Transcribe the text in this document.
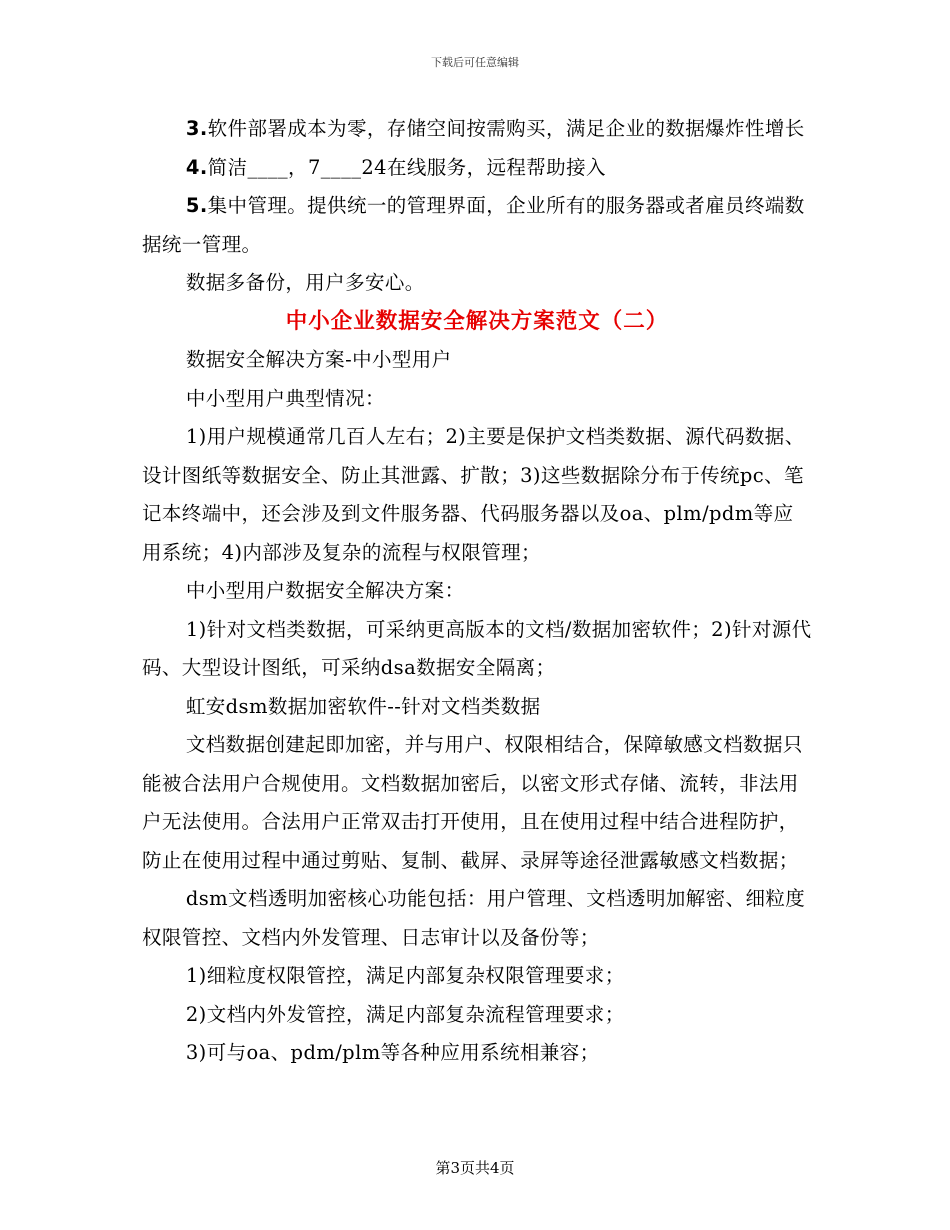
下载后可任意编辑

3.软件部署成本为零，存储空间按需购买，满足企业的数据爆炸性增长

4.简洁____，7____24在线服务，远程帮助接入

5.集中管理。提供统一的管理界面，企业所有的服务器或者雇员终端数据统一管理。

数据多备份，用户多安心。

中小企业数据安全解决方案范文（二）

数据安全解决方案-中小型用户

中小型用户典型情况：

1)用户规模通常几百人左右；2)主要是保护文档类数据、源代码数据、设计图纸等数据安全、防止其泄露、扩散；3)这些数据除分布于传统pc、笔记本终端中，还会涉及到文件服务器、代码服务器以及oa、plm/pdm等应用系统；4)内部涉及复杂的流程与权限管理；

中小型用户数据安全解决方案：

1)针对文档类数据，可采纳更高版本的文档/数据加密软件；2)针对源代码、大型设计图纸，可采纳dsa数据安全隔离；

虹安dsm数据加密软件--针对文档类数据

文档数据创建起即加密，并与用户、权限相结合，保障敏感文档数据只能被合法用户合规使用。文档数据加密后，以密文形式存储、流转，非法用户无法使用。合法用户正常双击打开使用，且在使用过程中结合进程防护，防止在使用过程中通过剪贴、复制、截屏、录屏等途径泄露敏感文档数据；

dsm文档透明加密核心功能包括：用户管理、文档透明加解密、细粒度权限管控、文档内外发管理、日志审计以及备份等；

1)细粒度权限管控，满足内部复杂权限管理要求；

2)文档内外发管控，满足内部复杂流程管理要求；

3)可与oa、pdm/plm等各种应用系统相兼容；

第3页共4页
